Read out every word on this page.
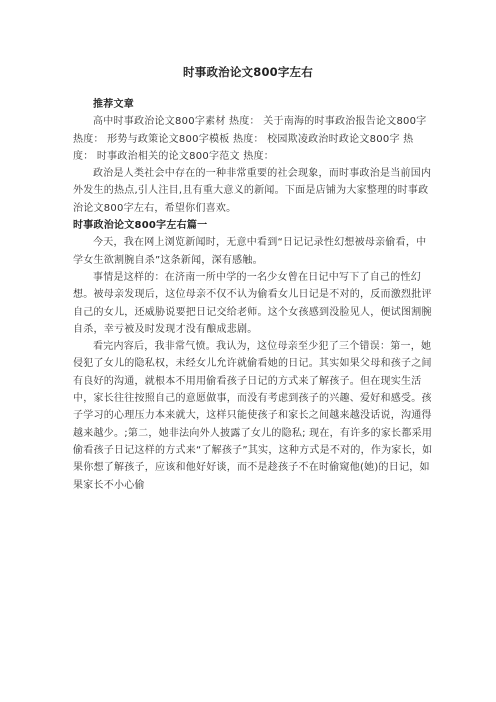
时事政治论文800字左右

推荐文章

高中时事政治论文800字素材 热度： 关于南海的时事政治报告论文800字 热度： 形势与政策论文800字模板 热度： 校园欺凌政治时政论文800字 热度： 时事政治相关的论文800字范文 热度：

政治是人类社会中存在的一种非常重要的社会现象，而时事政治是当前国内外发生的热点,引人注目,且有重大意义的新闻。下面是店铺为大家整理的时事政治论文800字左右，希望你们喜欢。

时事政治论文800字左右篇一

今天，我在网上浏览新闻时，无意中看到“日记记录性幻想被母亲偷看，中学女生欲割腕自杀”这条新闻，深有感触。

事情是这样的：在济南一所中学的一名少女曾在日记中写下了自己的性幻想。被母亲发现后，这位母亲不仅不认为偷看女儿日记是不对的，反而激烈批评自己的女儿，还威胁说要把日记交给老师。这个女孩感到没脸见人，便试图割腕自杀，幸亏被及时发现才没有酿成悲剧。

看完内容后，我非常气愤。我认为，这位母亲至少犯了三个错误：第一，她侵犯了女儿的隐私权，未经女儿允许就偷看她的日记。其实如果父母和孩子之间有良好的沟通，就根本不用用偷看孩子日记的方式来了解孩子。但在现实生活中，家长往往按照自己的意愿做事，而没有考虑到孩子的兴趣、爱好和感受。孩子学习的心理压力本来就大，这样只能使孩子和家长之间越来越没话说，沟通得越来越少。;第二，她非法向外人披露了女儿的隐私; 现在，有许多的家长都采用偷看孩子日记这样的方式来“了解孩子”其实，这种方式是不对的，作为家长，如果你想了解孩子，应该和他好好谈，而不是趁孩子不在时偷窥他(她)的日记，如果家长不小心偷
